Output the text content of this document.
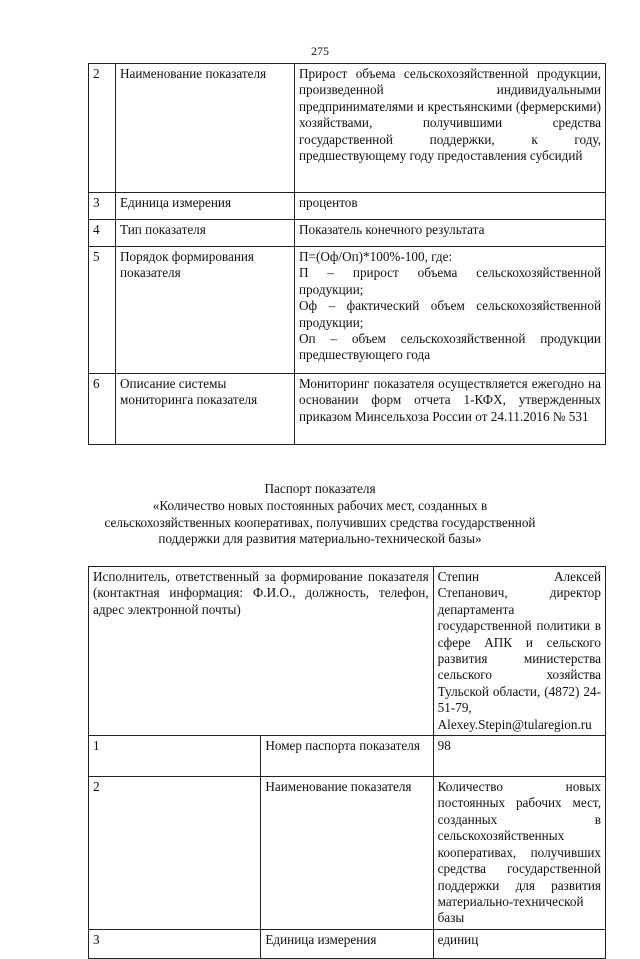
275
2	Наименование показателя	Прирост объема сельскохозяйственной продукции, произведенной индивидуальными предпринимателями и крестьянскими (фермерскими) хозяйствами, получившими средства государственной поддержки, к году, предшествующему году предоставления субсидий
3	Единица измерения	процентов
4	Тип показателя	Показатель конечного результата
5	Порядок формирования показателя	П=(Оф/Оп)*100%-100, где:
П – прирост объема сельскохозяйственной продукции;
Оф – фактический объем сельскохозяйственной продукции;
Оп – объем сельскохозяйственной продукции предшествующего года

6	Описание системы мониторинга показателя	Мониторинг показателя осуществляется ежегодно на основании форм отчета 1-КФХ, утвержденных приказом Минсельхоза России от 24.11.2016 № 531
Паспорт показателя
«Количество новых постоянных рабочих мест, созданных в
сельскохозяйственных кооперативах, получивших средства государственной
поддержки для развития материально-технической базы»
Исполнитель, ответственный за формирование показателя (контактная информация: Ф.И.О., должность, телефон, адрес электронной почты)		Степин Алексей Степанович, директор департамента государственной политики в сфере АПК и сельского развития министерства сельского хозяйства Тульской области, (4872) 24-51-79, Alexey.Stepin@tularegion.ru
1	Номер паспорта показателя	98
2	Наименование показателя	Количество новых постоянных рабочих мест, созданных в сельскохозяйственных кооперативах, получивших средства государственной поддержки для развития материально-технической базы
3	Единица измерения	единиц
